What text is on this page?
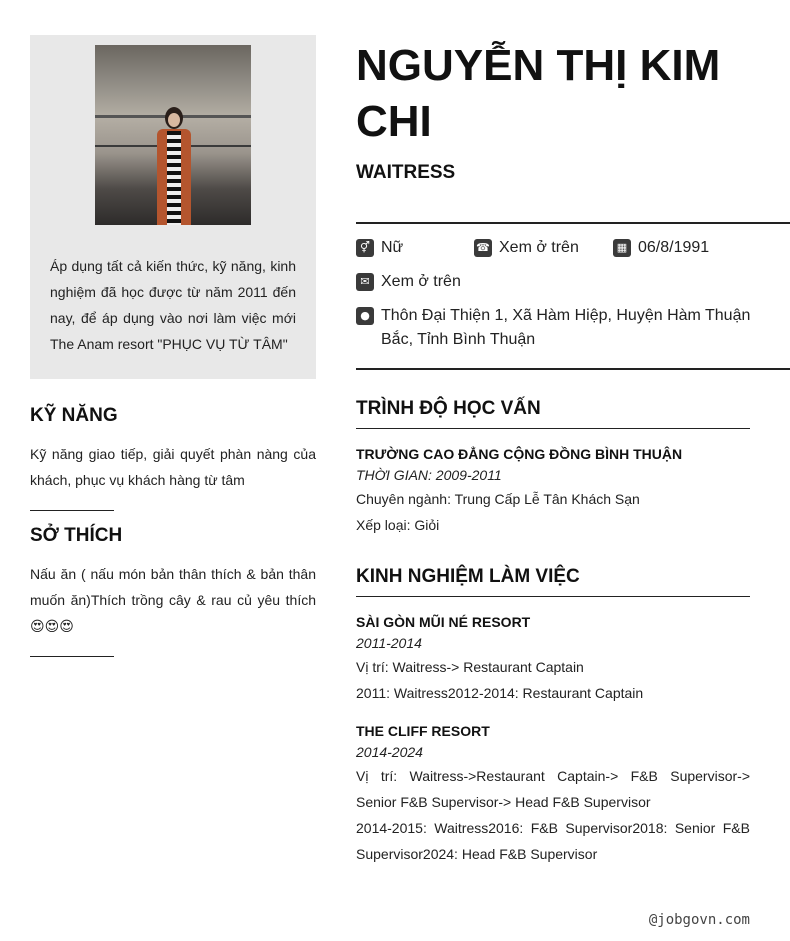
Áp dụng tất cả kiến thức, kỹ năng, kinh nghiệm đã học được từ năm 2011 đến nay, để áp dụng vào nơi làm việc mới The Anam resort "PHỤC VỤ TỪ TÂM"

KỸ NĂNG

Kỹ năng giao tiếp, giải quyết phàn nàng của khách, phục vụ khách hàng từ tâm

SỞ THÍCH

Nấu ăn ( nấu món bản thân thích & bản thân muốn ăn)Thích trồng cây & rau củ yêu thích 😍😍😍

NGUYỄN THỊ KIM CHI
WAITRESS
⚥ Nữ	☎ Xem ở trên	▦ 06/8/1991
✉ Xem ở trên
● Thôn Đại Thiện 1, Xã Hàm Hiệp, Huyện Hàm Thuận Bắc, Tỉnh Bình Thuận
TRÌNH ĐỘ HỌC VẤN
TRƯỜNG CAO ĐẲNG CỘNG ĐỒNG BÌNH THUẬN
THỜI GIAN: 2009-2011
Chuyên ngành: Trung Cấp Lễ Tân Khách Sạn
Xếp loại: Giỏi
KINH NGHIỆM LÀM VIỆC
SÀI GÒN MŨI NÉ RESORT
2011-2014
Vị trí: Waitress-> Restaurant Captain
2011: Waitress2012-2014: Restaurant Captain
THE CLIFF RESORT
2014-2024
Vị trí: Waitress->Restaurant Captain-> F&B Supervisor-> Senior F&B Supervisor-> Head F&B Supervisor
2014-2015: Waitress2016: F&B Supervisor2018: Senior F&B Supervisor2024: Head F&B Supervisor
@jobgovn.com
